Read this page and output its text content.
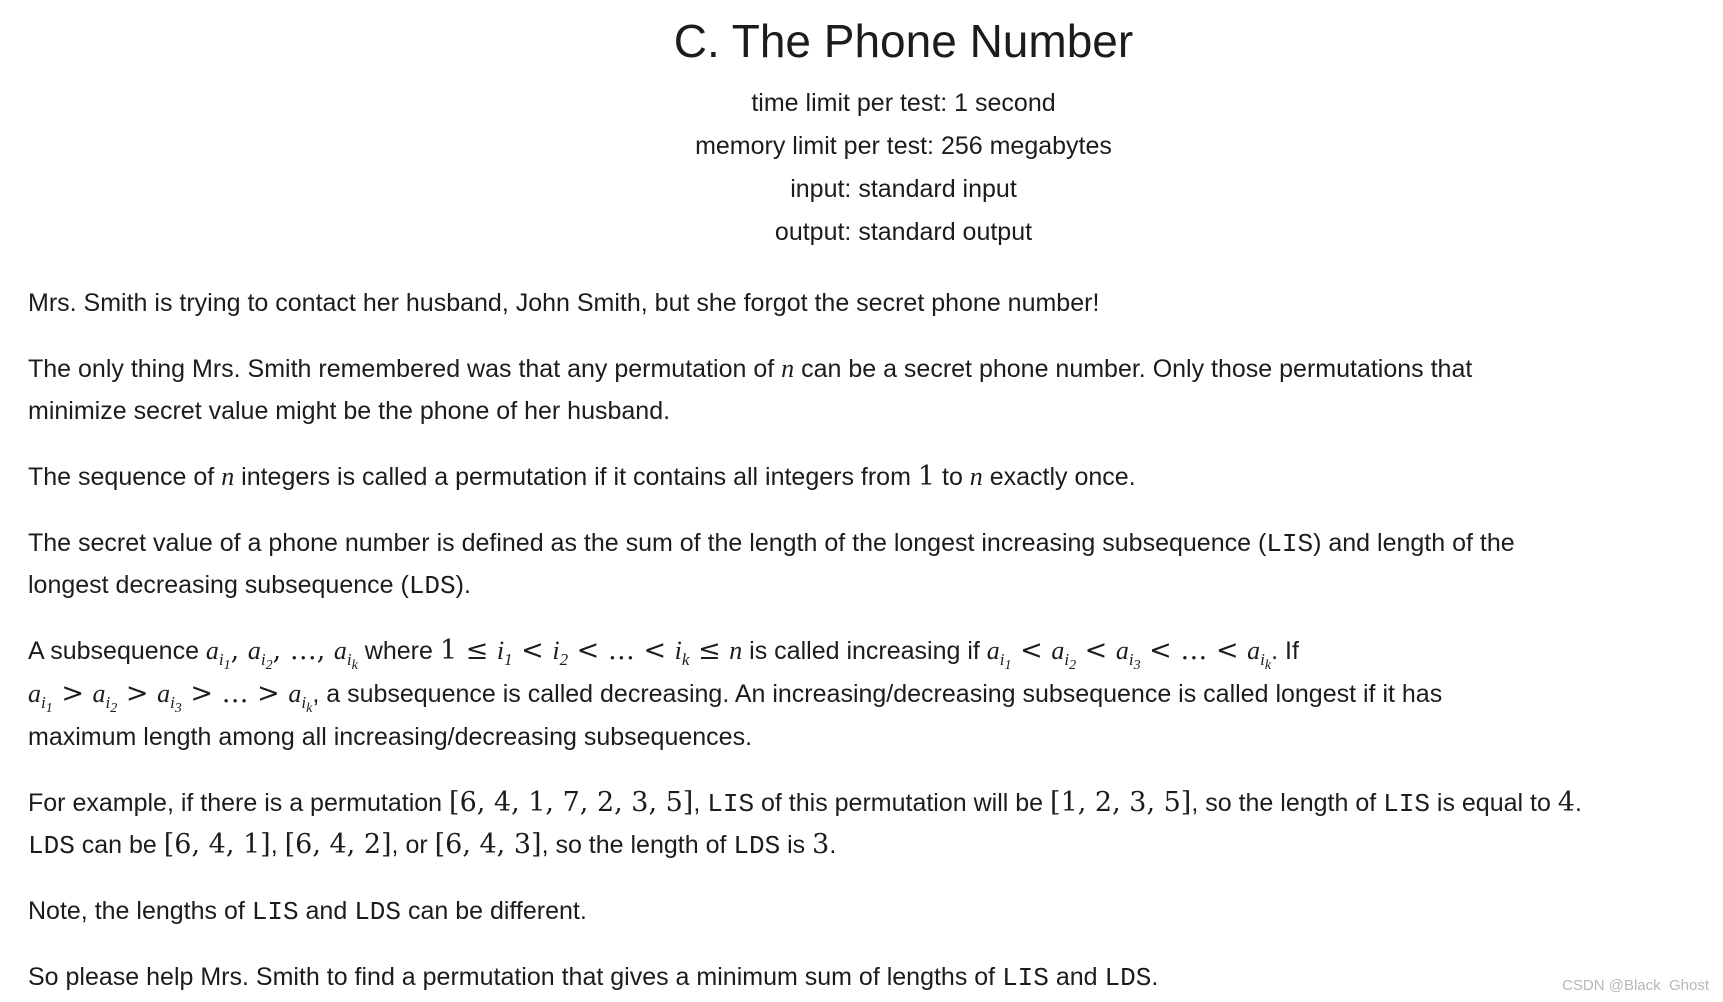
C. The Phone Number
time limit per test: 1 second
memory limit per test: 256 megabytes
input: standard input
output: standard output

Mrs. Smith is trying to contact her husband, John Smith, but she forgot the secret phone number!

The only thing Mrs. Smith remembered was that any permutation of n can be a secret phone number. Only those permutations that
minimize secret value might be the phone of her husband.

The sequence of n integers is called a permutation if it contains all integers from 1 to n exactly once.

The secret value of a phone number is defined as the sum of the length of the longest increasing subsequence (LIS) and length of the
longest decreasing subsequence (LDS).

A subsequence $a_{i1}$, $a_{i2}$, …, $a_{ik}$ where $1 \le i_1 < i_2$ < … < $i_k \le n$ is called increasing if $a_{i1} < a_{i2} < a_{i3}$ < … < $a_{ik}$. If
$a_{i1} > a_{i2} > a_{i3}$ > … > $a_{ik}$, a subsequence is called decreasing. An increasing/decreasing subsequence is called longest if it has
maximum length among all increasing/decreasing subsequences.

For example, if there is a permutation [6, 4, 1, 7, 2, 3, 5], LIS of this permutation will be [1, 2, 3, 5], so the length of LIS is equal to 4.
LDS can be [6, 4, 1], [6, 4, 2], or [6, 4, 3], so the length of LDS is 3.

Note, the lengths of LIS and LDS can be different.

So please help Mrs. Smith to find a permutation that gives a minimum sum of lengths of LIS and LDS.	CSDN @Black  Ghost
